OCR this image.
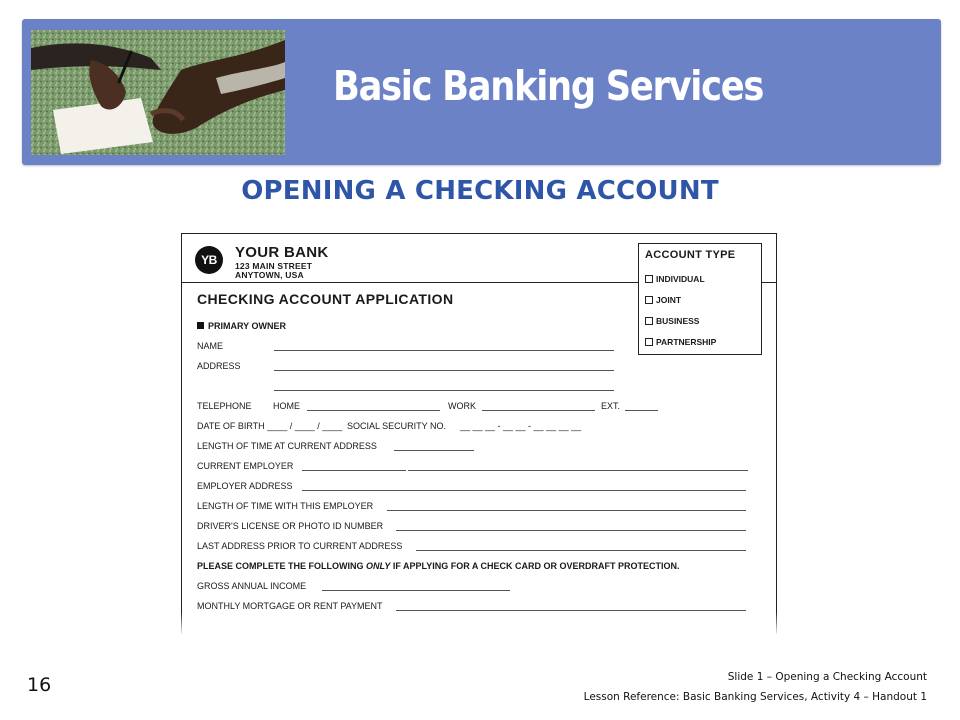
Basic Banking Services
OPENING A CHECKING ACCOUNT
YB	YOUR BANK
123 MAIN STREET
ANYTOWN, USA
ACCOUNT TYPE
INDIVIDUAL
JOINT
BUSINESS
PARTNERSHIP
CHECKING ACCOUNT APPLICATION
PRIMARY OWNER
NAME
ADDRESS
TELEPHONE HOME	WORK	EXT.
DATE OF BIRTH ____ / ____ / ____ SOCIAL SECURITY NO. __ __ __ - __ __ - __ __ __ __
LENGTH OF TIME AT CURRENT ADDRESS
CURRENT EMPLOYER
EMPLOYER ADDRESS
LENGTH OF TIME WITH THIS EMPLOYER
DRIVER'S LICENSE OR PHOTO ID NUMBER
LAST ADDRESS PRIOR TO CURRENT ADDRESS
PLEASE COMPLETE THE FOLLOWING ONLY IF APPLYING FOR A CHECK CARD OR OVERDRAFT PROTECTION.
GROSS ANNUAL INCOME
MONTHLY MORTGAGE OR RENT PAYMENT
16	Slide 1 – Opening a Checking Account
Lesson Reference: Basic Banking Services, Activity 4 – Handout 1
